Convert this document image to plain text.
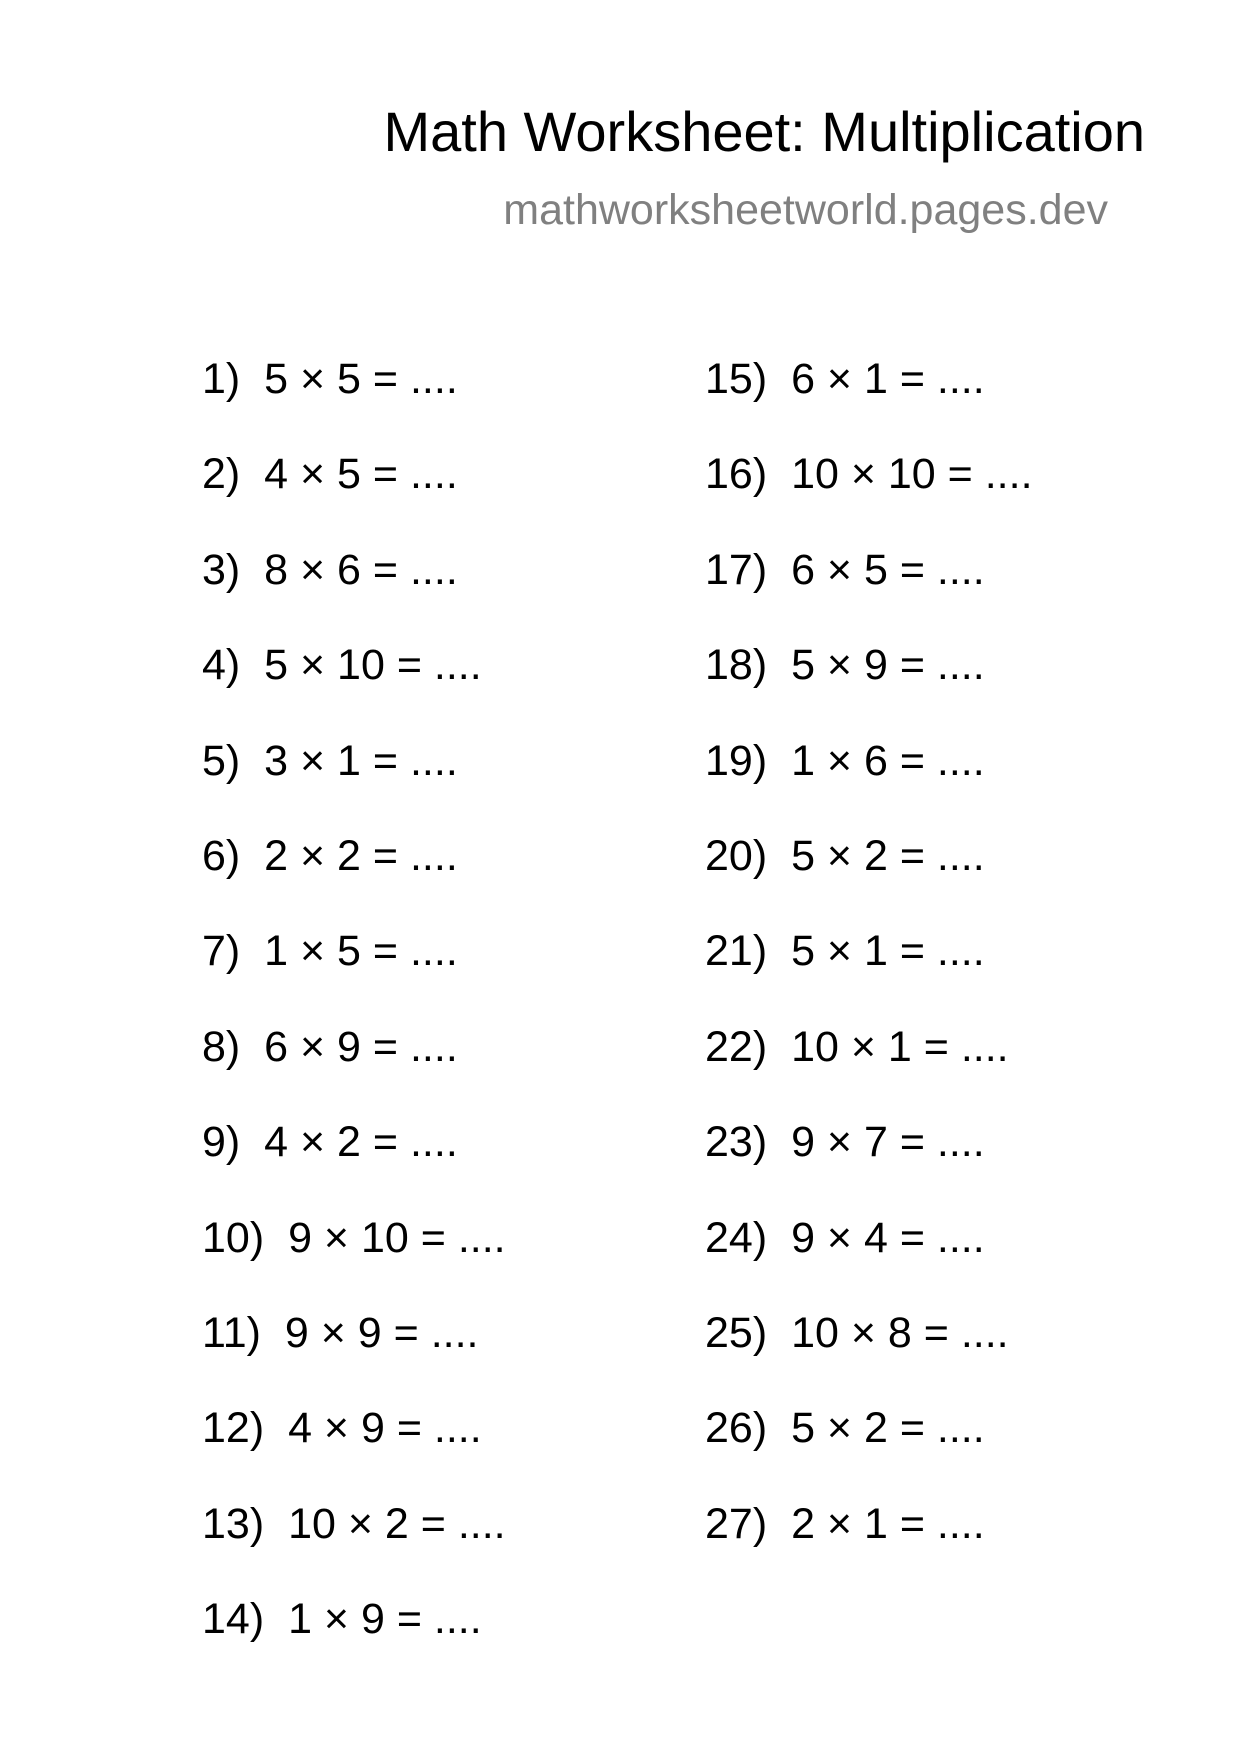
Math Worksheet: Multiplication
mathworksheetworld.pages.dev
1) 5 × 5 = ....
2) 4 × 5 = ....
3) 8 × 6 = ....
4) 5 × 10 = ....
5) 3 × 1 = ....
6) 2 × 2 = ....
7) 1 × 5 = ....
8) 6 × 9 = ....
9) 4 × 2 = ....
10) 9 × 10 = ....
11) 9 × 9 = ....
12) 4 × 9 = ....
13) 10 × 2 = ....
14) 1 × 9 = ....
15) 6 × 1 = ....
16) 10 × 10 = ....
17) 6 × 5 = ....
18) 5 × 9 = ....
19) 1 × 6 = ....
20) 5 × 2 = ....
21) 5 × 1 = ....
22) 10 × 1 = ....
23) 9 × 7 = ....
24) 9 × 4 = ....
25) 10 × 8 = ....
26) 5 × 2 = ....
27) 2 × 1 = ....
